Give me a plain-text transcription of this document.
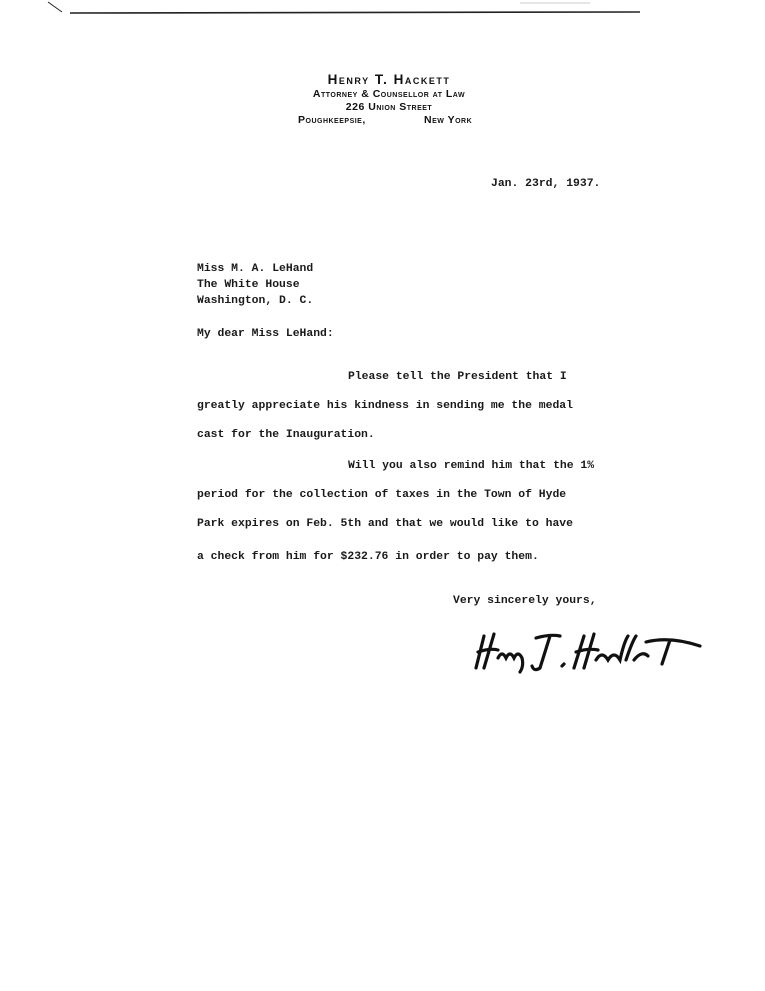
Henry T. Hackett
Attorney & Counsellor at Law
226 Union Street
Poughkeepsie,	New York
Jan. 23rd, 1937.
Miss M. A. LeHand
The White House
Washington, D. C.
My dear Miss LeHand:
Please tell the President that I
greatly appreciate his kindness in sending me the medal
cast for the Inauguration.
Will you also remind him that the 1%
period for the collection of taxes in the Town of Hyde
Park expires on Feb. 5th and that we would like to have
a check from him for $232.76 in order to pay them.
Very sincerely yours,
